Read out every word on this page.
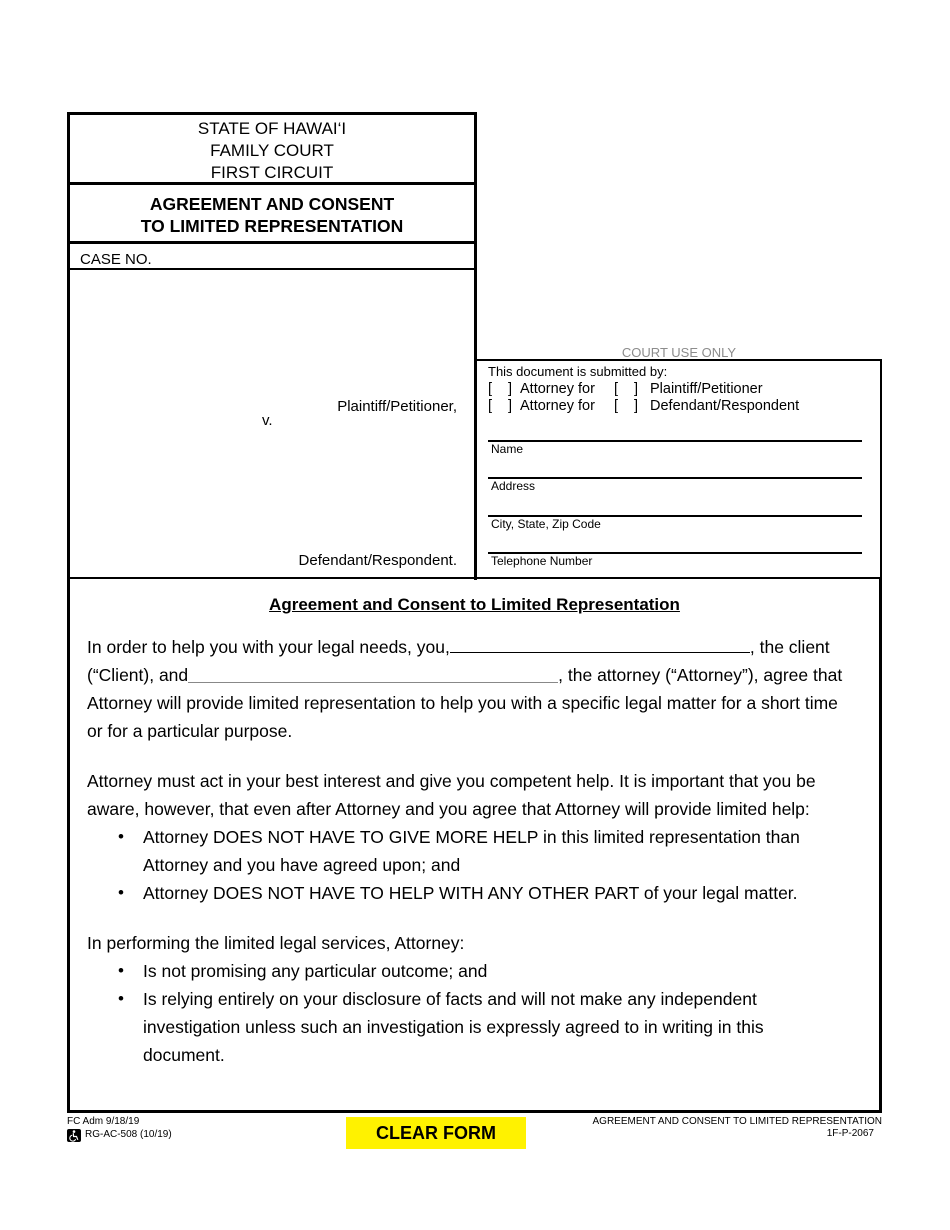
STATE OF HAWAI‘I
FAMILY COURT
FIRST CIRCUIT
AGREEMENT AND CONSENT
TO LIMITED REPRESENTATION
CASE NO.
Plaintiff/Petitioner,
v.
Defendant/Respondent.
COURT USE ONLY
This document is submitted by:
[ ] Attorney for [ ] Plaintiff/Petitioner
[ ] Attorney for [ ] Defendant/Respondent
Name
Address
City, State, Zip Code
Telephone Number
Agreement and Consent to Limited Representation
In order to help you with your legal needs, you,	, the client
(“Client), and	, the attorney (“Attorney”), agree that
Attorney will provide limited representation to help you with a specific legal matter for a short time
or for a particular purpose.
Attorney must act in your best interest and give you competent help. It is important that you be
aware, however, that even after Attorney and you agree that Attorney will provide limited help:
• Attorney DOES NOT HAVE TO GIVE MORE HELP in this limited representation than
Attorney and you have agreed upon; and
• Attorney DOES NOT HAVE TO HELP WITH ANY OTHER PART of your legal matter.
In performing the limited legal services, Attorney:
• Is not promising any particular outcome; and
• Is relying entirely on your disclosure of facts and will not make any independent
investigation unless such an investigation is expressly agreed to in writing in this
document.
FC Adm 9/18/19
RG-AC-508 (10/19)	CLEAR FORM
AGREEMENT AND CONSENT TO LIMITED REPRESENTATION
1F-P-2067
